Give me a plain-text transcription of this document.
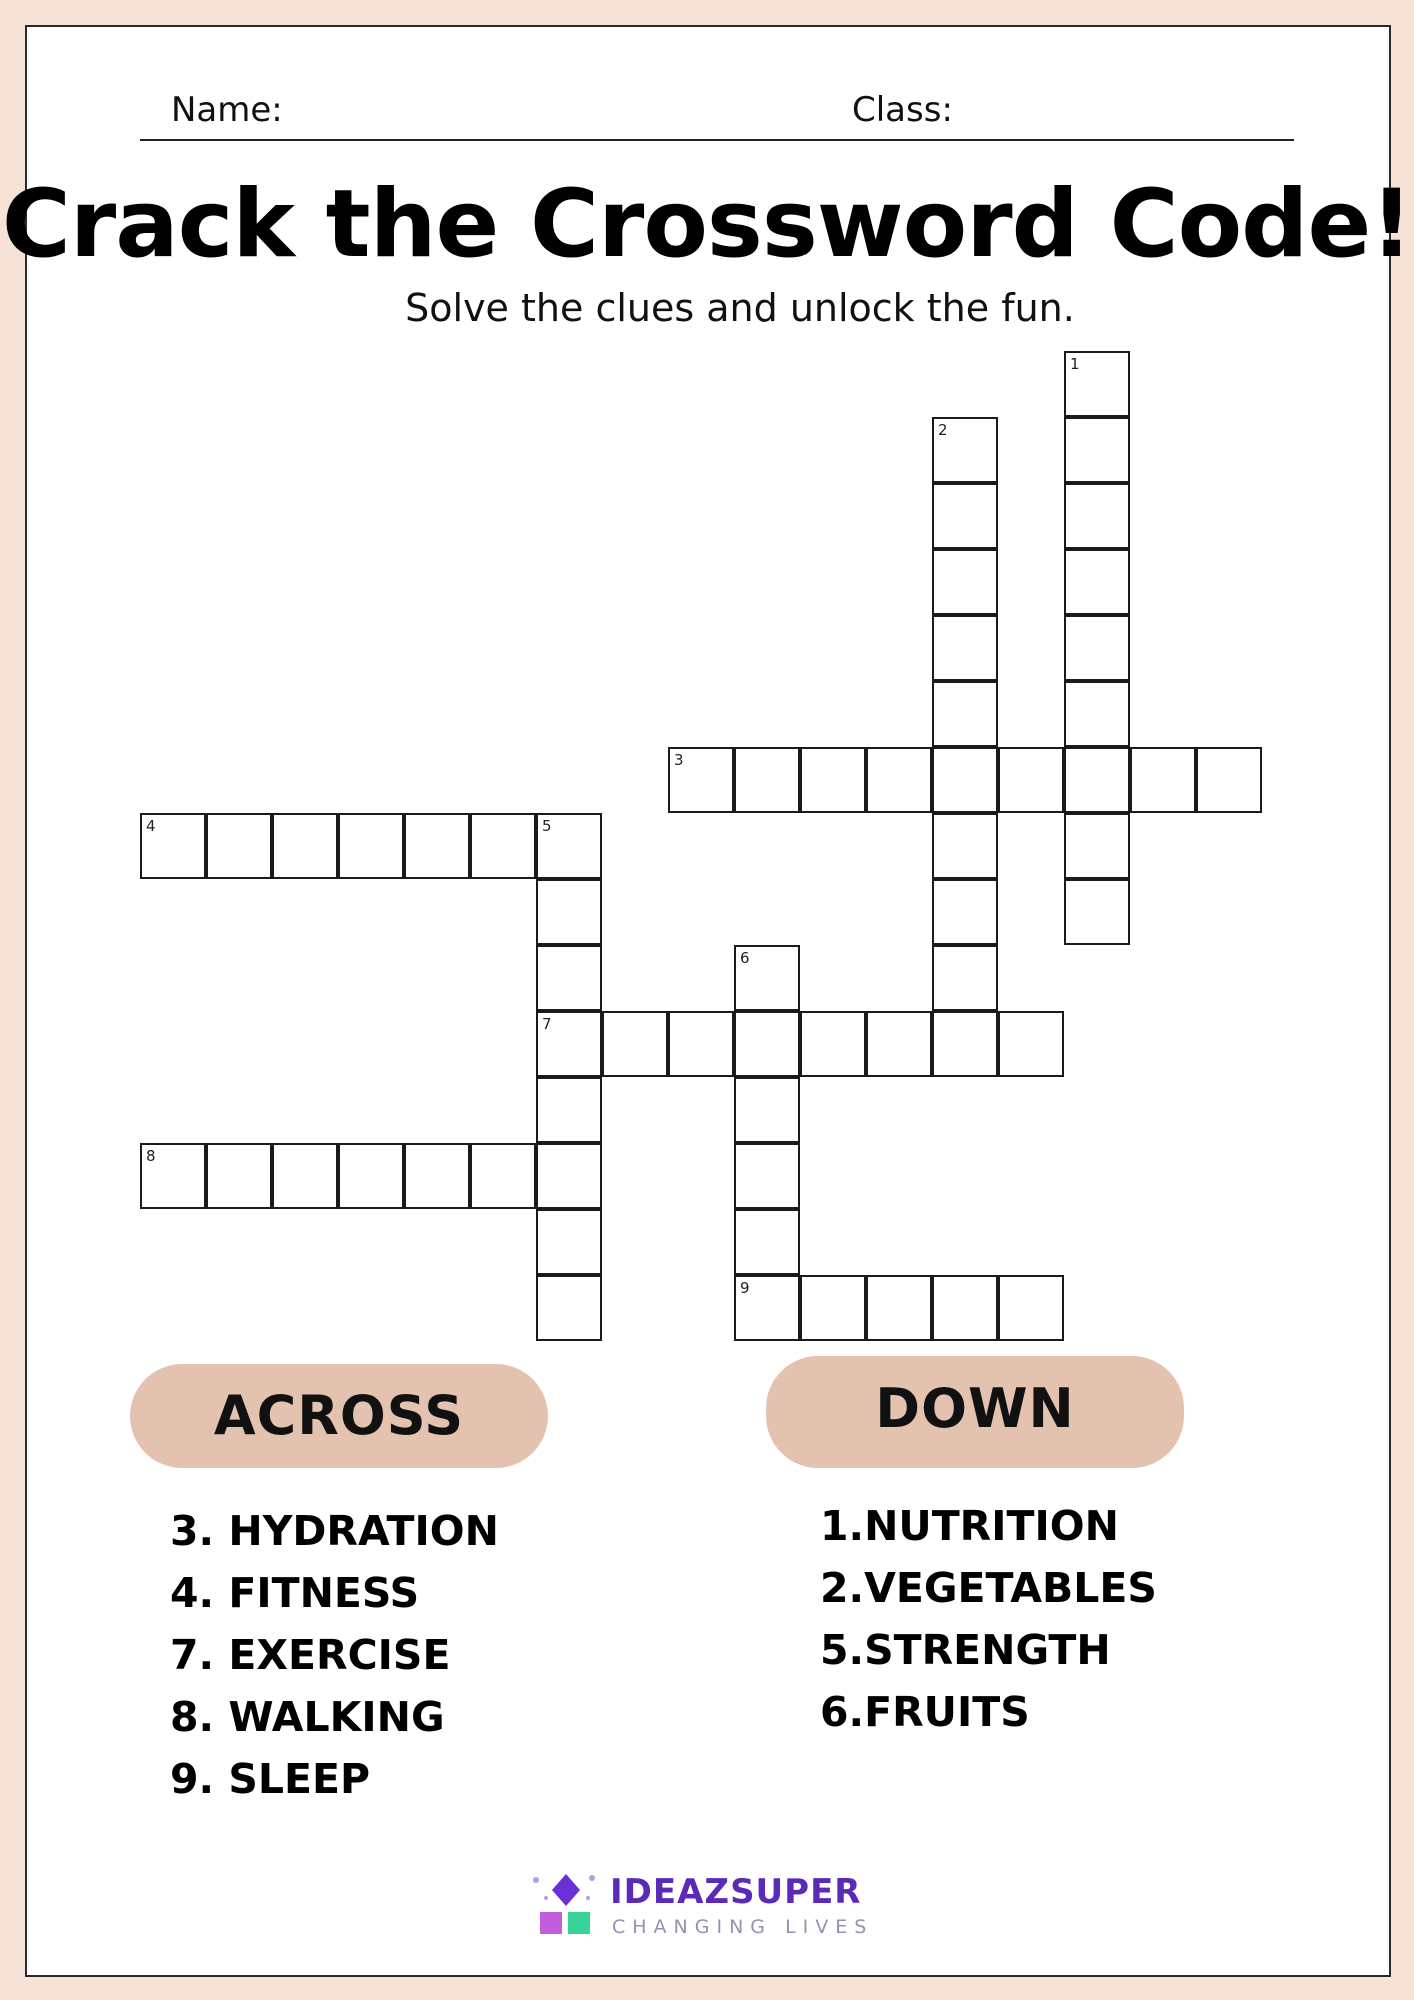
Name:	Class:
Crack the Crossword Code!
Solve the clues and unlock the fun.
1
2
3
4	5
7
6
9
8
ACROSS	DOWN
3. HYDRATION
4. FITNESS
7. EXERCISE
8. WALKING
9. SLEEP
1.NUTRITION
2.VEGETABLES
5.STRENGTH
6.FRUITS
IDEAZSUPER
CHANGING LIVES
